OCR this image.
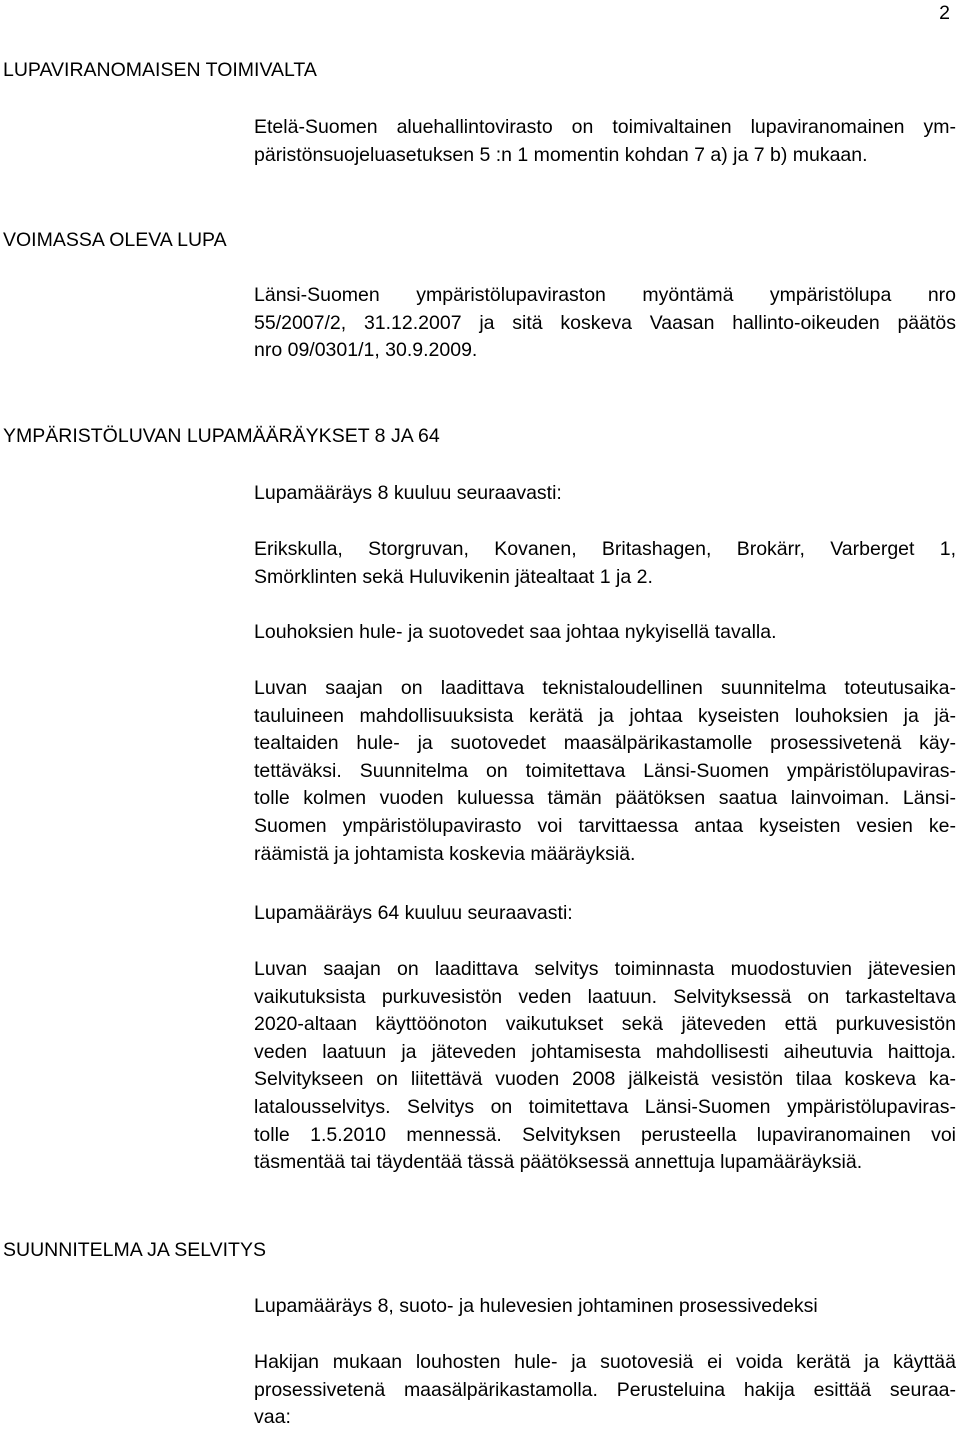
2
LUPAVIRANOMAISEN TOIMIVALTA
Etelä-Suomen aluehallintovirasto on toimivaltainen lupaviranomainen ym-
päristönsuojeluasetuksen 5 :n 1 momentin kohdan 7 a) ja 7 b) mukaan.
VOIMASSA OLEVA LUPA
Länsi-Suomen ympäristölupaviraston myöntämä ympäristölupa nro
55/2007/2, 31.12.2007 ja sitä koskeva Vaasan hallinto-oikeuden päätös
nro 09/0301/1, 30.9.2009.
YMPÄRISTÖLUVAN LUPAMÄÄRÄYKSET 8 JA 64
Lupamääräys 8 kuuluu seuraavasti:
Erikskulla, Storgruvan, Kovanen, Britashagen, Brokärr, Varberget 1,
Smörklinten sekä Huluvikenin jätealtaat 1 ja 2.
Louhoksien hule- ja suotovedet saa johtaa nykyisellä tavalla.
Luvan saajan on laadittava teknistaloudellinen suunnitelma toteutusaika-
tauluineen mahdollisuuksista kerätä ja johtaa kyseisten louhoksien ja jä-
tealtaiden hule- ja suotovedet maasälpärikastamolle prosessivetenä käy-
tettäväksi. Suunnitelma on toimitettava Länsi-Suomen ympäristölupaviras-
tolle kolmen vuoden kuluessa tämän päätöksen saatua lainvoiman. Länsi-
Suomen ympäristölupavirasto voi tarvittaessa antaa kyseisten vesien ke-
räämistä ja johtamista koskevia määräyksiä.
Lupamääräys 64 kuuluu seuraavasti:
Luvan saajan on laadittava selvitys toiminnasta muodostuvien jätevesien
vaikutuksista purkuvesistön veden laatuun. Selvityksessä on tarkasteltava
2020-altaan käyttöönoton vaikutukset sekä jäteveden että purkuvesistön
veden laatuun ja jäteveden johtamisesta mahdollisesti aiheutuvia haittoja.
Selvitykseen on liitettävä vuoden 2008 jälkeistä vesistön tilaa koskeva ka-
latalousselvitys. Selvitys on toimitettava Länsi-Suomen ympäristölupaviras-
tolle 1.5.2010 mennessä. Selvityksen perusteella lupaviranomainen voi
täsmentää tai täydentää tässä päätöksessä annettuja lupamääräyksiä.
SUUNNITELMA JA SELVITYS
Lupamääräys 8, suoto- ja hulevesien johtaminen prosessivedeksi
Hakijan mukaan louhosten hule- ja suotovesiä ei voida kerätä ja käyttää
prosessivetenä maasälpärikastamolla. Perusteluina hakija esittää seuraa-
vaa:
